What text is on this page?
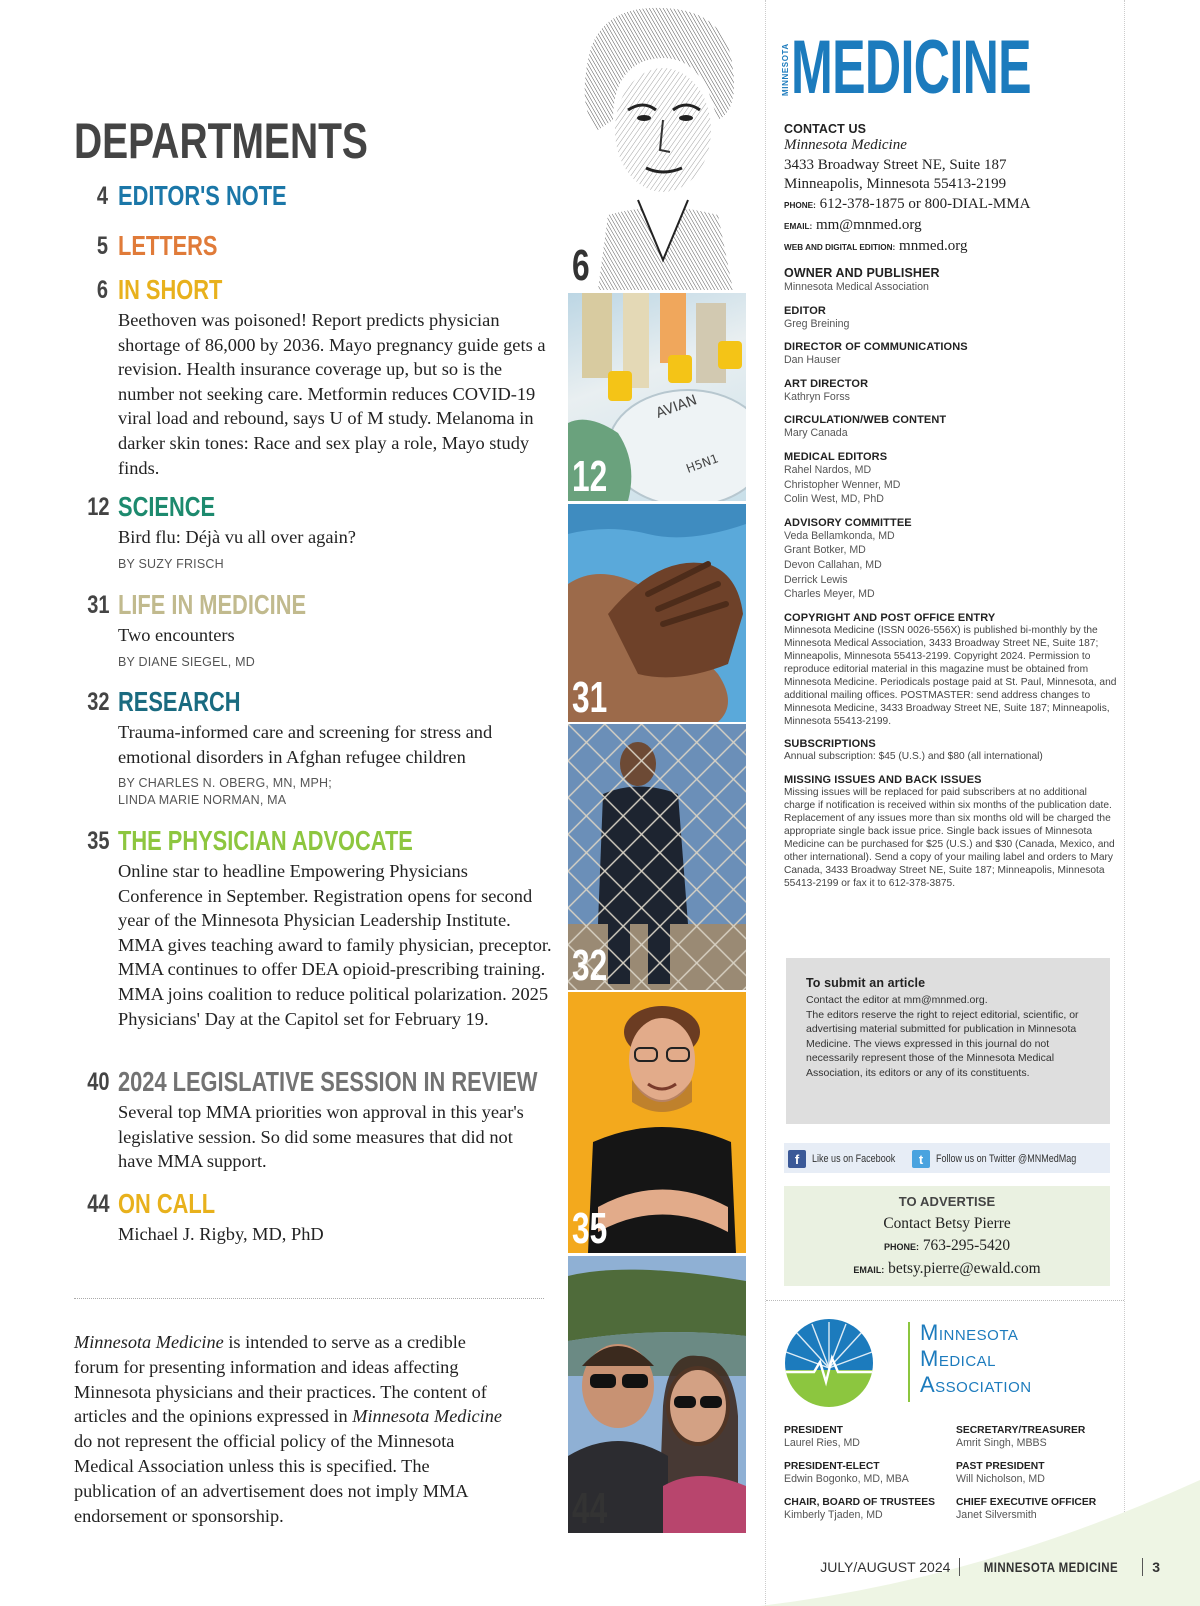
DEPARTMENTS
4 EDITOR'S NOTE
5 LETTERS
6 IN SHORT
Beethoven was poisoned! Report predicts physician shortage of 86,000 by 2036. Mayo pregnancy guide gets a revision. Health insurance coverage up, but so is the number not seeking care. Metformin reduces COVID-19 viral load and rebound, says U of M study. Melanoma in darker skin tones: Race and sex play a role, Mayo study finds.
12 SCIENCE
Bird flu: Déjà vu all over again?
BY SUZY FRISCH
31 LIFE IN MEDICINE
Two encounters
BY DIANE SIEGEL, MD
32 RESEARCH
Trauma-informed care and screening for stress and emotional disorders in Afghan refugee children
BY CHARLES N. OBERG, MN, MPH;
LINDA MARIE NORMAN, MA
35 THE PHYSICIAN ADVOCATE
Online star to headline Empowering Physicians Conference in September. Registration opens for second year of the Minnesota Physician Leadership Institute. MMA gives teaching award to family physician, preceptor. MMA continues to offer DEA opioid-prescribing training. MMA joins coalition to reduce political polarization. 2025 Physicians' Day at the Capitol set for February 19.
40 2024 LEGISLATIVE SESSION IN REVIEW
Several top MMA priorities won approval in this year's legislative session. So did some measures that did not have MMA support.
44 ON CALL
Michael J. Rigby, MD, PhD
Minnesota Medicine is intended to serve as a credible forum for presenting information and ideas affecting Minnesota physicians and their practices. The content of articles and the opinions expressed in Minnesota Medicine do not represent the official policy of the Minnesota Medical Association unless this is specified. The publication of an advertisement does not imply MMA endorsement or sponsorship.
6
AVIAN
H5N1
12
31
32
35
44
MINNESOTA MEDICINE
CONTACT US
Minnesota Medicine
3433 Broadway Street NE, Suite 187
Minneapolis, Minnesota 55413-2199
PHONE: 612-378-1875 or 800-DIAL-MMA
EMAIL: mm@mnmed.org
WEB AND DIGITAL EDITION: mnmed.org
OWNER AND PUBLISHER
Minnesota Medical Association
EDITOR
Greg Breining
DIRECTOR OF COMMUNICATIONS
Dan Hauser
ART DIRECTOR
Kathryn Forss
CIRCULATION/WEB CONTENT
Mary Canada
MEDICAL EDITORS
Rahel Nardos, MD
Christopher Wenner, MD
Colin West, MD, PhD
ADVISORY COMMITTEE
Veda Bellamkonda, MD
Grant Botker, MD
Devon Callahan, MD
Derrick Lewis
Charles Meyer, MD
COPYRIGHT AND POST OFFICE ENTRY
Minnesota Medicine (ISSN 0026-556X) is published bi-monthly by the Minnesota Medical Association, 3433 Broadway Street NE, Suite 187; Minneapolis, Minnesota 55413-2199. Copyright 2024. Permission to reproduce editorial material in this magazine must be obtained from Minnesota Medicine. Periodicals postage paid at St. Paul, Minnesota, and additional mailing offices. POSTMASTER: send address changes to Minnesota Medicine, 3433 Broadway Street NE, Suite 187; Minneapolis, Minnesota 55413-2199.
SUBSCRIPTIONS
Annual subscription: $45 (U.S.) and $80 (all international)
MISSING ISSUES AND BACK ISSUES
Missing issues will be replaced for paid subscribers at no additional charge if notification is received within six months of the publication date. Replacement of any issues more than six months old will be charged the appropriate single back issue price. Single back issues of Minnesota Medicine can be purchased for $25 (U.S.) and $30 (Canada, Mexico, and other international). Send a copy of your mailing label and orders to Mary Canada, 3433 Broadway Street NE, Suite 187; Minneapolis, Minnesota 55413-2199 or fax it to 612-378-3875.
To submit an article
Contact the editor at mm@mnmed.org.
The editors reserve the right to reject editorial, scientific, or advertising material submitted for publication in Minnesota Medicine. The views expressed in this journal do not necessarily represent those of the Minnesota Medical Association, its editors or any of its constituents.
f	Like us on Facebook	t	Follow us on Twitter @MNMedMag
TO ADVERTISE
Contact Betsy Pierre
PHONE: 763-295-5420
EMAIL: betsy.pierre@ewald.com
Minnesota
Medical
Association
PRESIDENT
Laurel Ries, MD
SECRETARY/TREASURER
Amrit Singh, MBBS
PRESIDENT-ELECT
Edwin Bogonko, MD, MBA
PAST PRESIDENT
Will Nicholson, MD
CHAIR, BOARD OF TRUSTEES
Kimberly Tjaden, MD
CHIEF EXECUTIVE OFFICER
Janet Silversmith
JULY/AUGUST 2024 MINNESOTA MEDICINE 3
